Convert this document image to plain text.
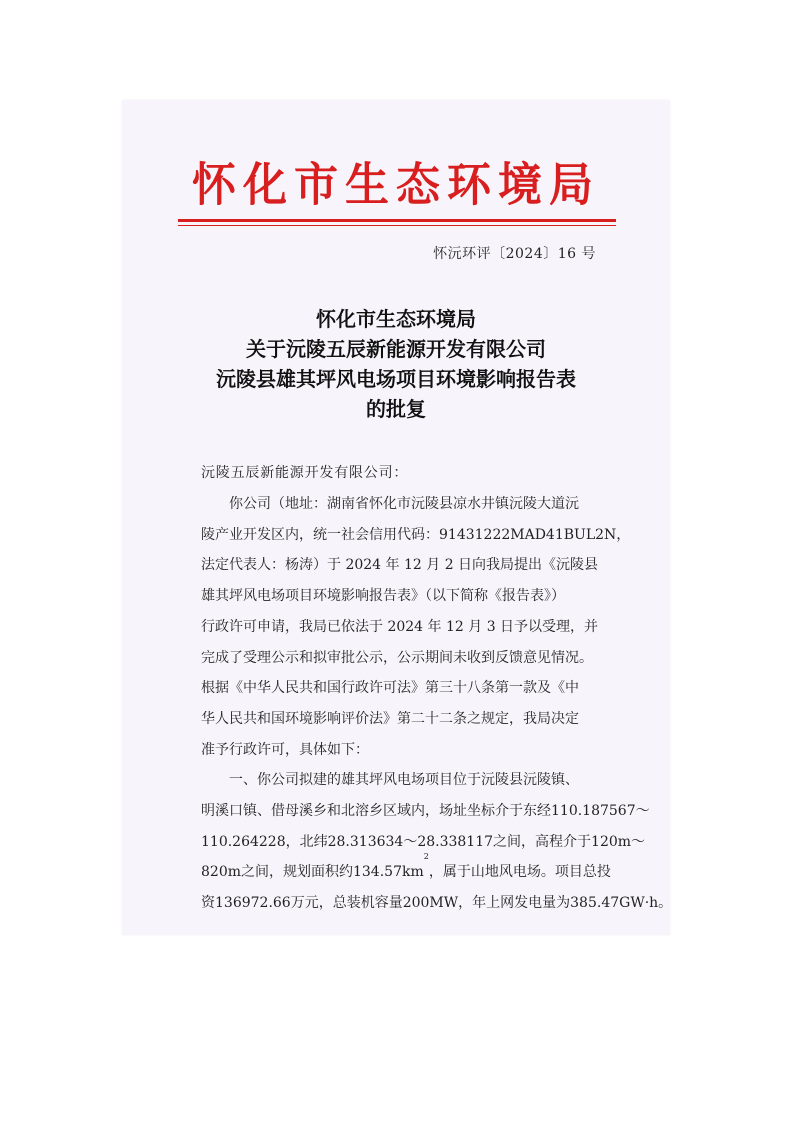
怀化市生态环境局
怀沅环评〔2024〕16 号
怀化市生态环境局
关于沅陵五辰新能源开发有限公司
沅陵县雄其坪风电场项目环境影响报告表
的批复
沅陵五辰新能源开发有限公司：

你公司（地址：湖南省怀化市沅陵县凉水井镇沅陵大道沅
陵产业开发区内，统一社会信用代码：91431222MAD41BUL2N，
法定代表人：杨涛）于 2024 年 12 月 2 日向我局提出《沅陵县
雄其坪风电场项目环境影响报告表》（以下简称《报告表》）
行政许可申请，我局已依法于 2024 年 12 月 3 日予以受理，并
完成了受理公示和拟审批公示，公示期间未收到反馈意见情况。
根据《中华人民共和国行政许可法》第三十八条第一款及《中
华人民共和国环境影响评价法》第二十二条之规定，我局决定
准予行政许可，具体如下：

一、你公司拟建的雄其坪风电场项目位于沅陵县沅陵镇、
明溪口镇、借母溪乡和北溶乡区域内，场址坐标介于东经110.187567～
110.264228，北纬28.313634～28.338117之间，高程介于120m～
820m之间，规划面积约134.57km
2
，属于山地风电场。项目总投
资136972.66万元，总装机容量200MW，年上网发电量为385.47GW·h。
